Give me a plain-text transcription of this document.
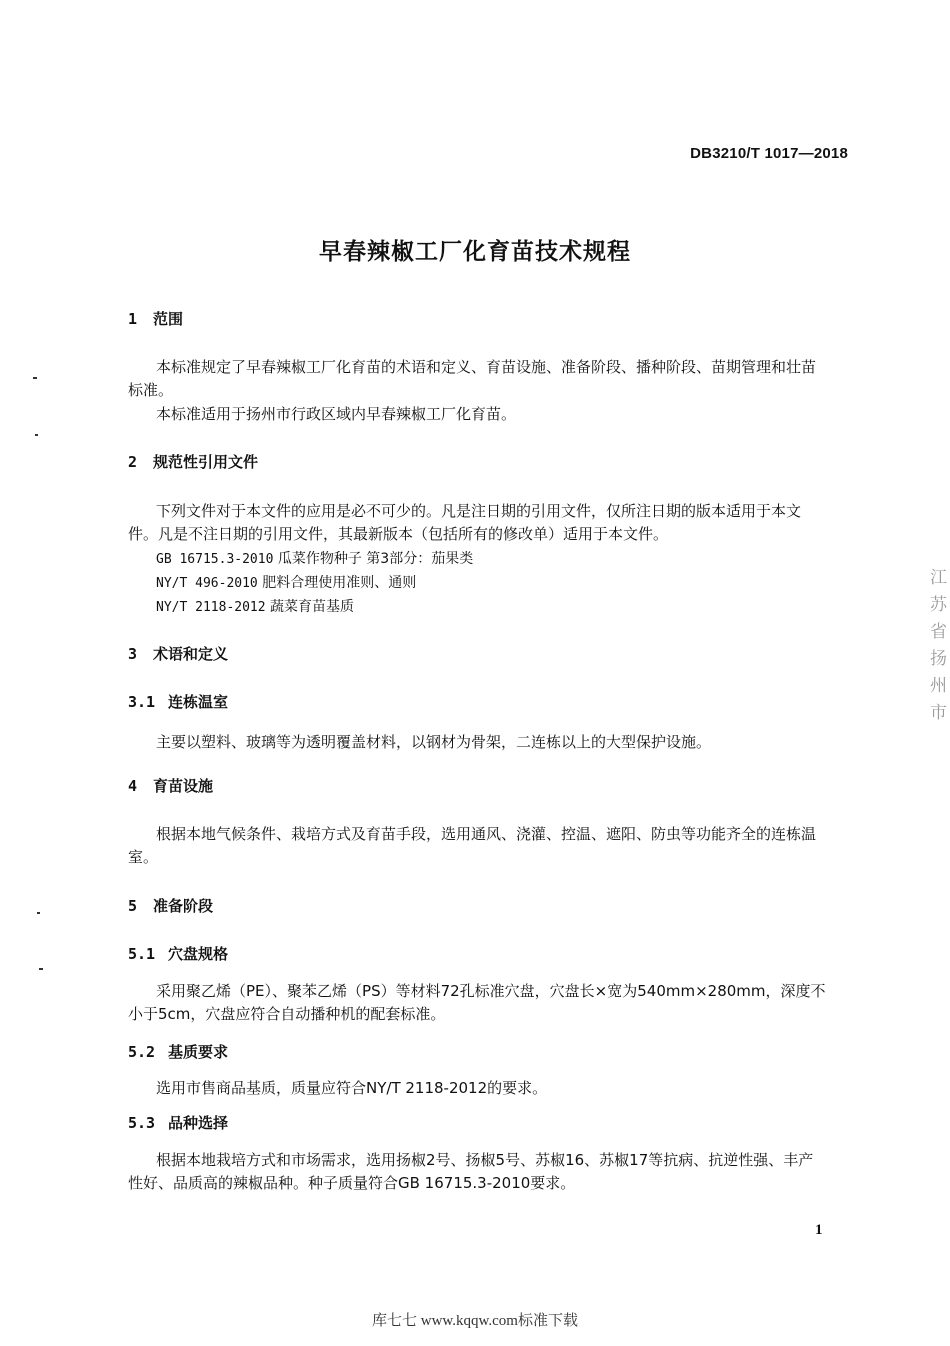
DB3210/T 1017—2018
早春辣椒工厂化育苗技术规程
1 范围
本标准规定了早春辣椒工厂化育苗的术语和定义、育苗设施、准备阶段、播种阶段、苗期管理和壮苗标准。
本标准适用于扬州市行政区域内早春辣椒工厂化育苗。
2 规范性引用文件
下列文件对于本文件的应用是必不可少的。凡是注日期的引用文件，仅所注日期的版本适用于本文件。凡是不注日期的引用文件，其最新版本（包括所有的修改单）适用于本文件。
GB 16715.3-2010 瓜菜作物种子 第3部分：茄果类
NY/T 496-2010 肥料合理使用准则、通则
NY/T 2118-2012 蔬菜育苗基质
3 术语和定义
3.1 连栋温室
主要以塑料、玻璃等为透明覆盖材料，以钢材为骨架，二连栋以上的大型保护设施。
4 育苗设施
根据本地气候条件、栽培方式及育苗手段，选用通风、浇灌、控温、遮阳、防虫等功能齐全的连栋温室。
5 准备阶段
5.1 穴盘规格
采用聚乙烯（PE）、聚苯乙烯（PS）等材料72孔标准穴盘，穴盘长×宽为540mm×280mm，深度不小于5cm，穴盘应符合自动播种机的配套标准。
5.2 基质要求
选用市售商品基质，质量应符合NY/T 2118-2012的要求。
5.3 品种选择
根据本地栽培方式和市场需求，选用扬椒2号、扬椒5号、苏椒16、苏椒17等抗病、抗逆性强、丰产性好、品质高的辣椒品种。种子质量符合GB 16715.3-2010要求。
1
库七七 www.kqqw.com标准下载
江苏省扬州市
